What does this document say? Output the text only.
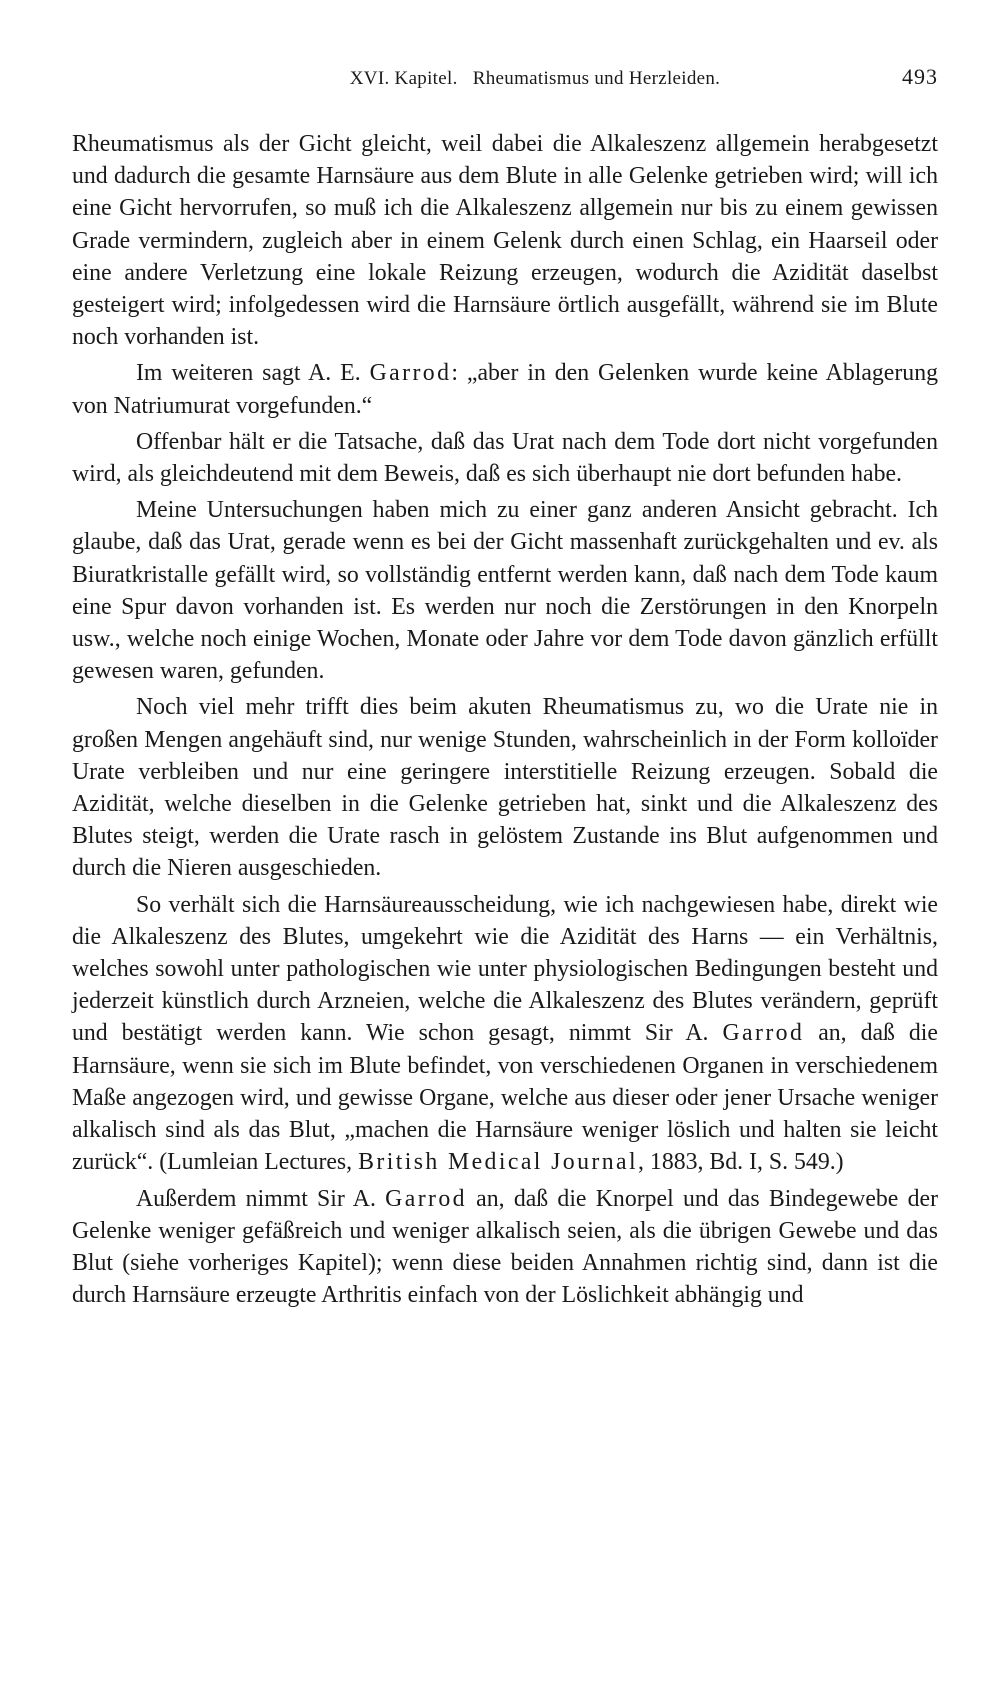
XVI. Kapitel. Rheumatismus und Herzleiden.	493

Rheumatismus als der Gicht gleicht, weil dabei die Alkaleszenz allgemein herabgesetzt und dadurch die gesamte Harnsäure aus dem Blute in alle Gelenke getrieben wird; will ich eine Gicht hervorrufen, so muß ich die Alkaleszenz allgemein nur bis zu einem gewissen Grade vermindern, zugleich aber in einem Gelenk durch einen Schlag, ein Haarseil oder eine andere Verletzung eine lokale Reizung erzeugen, wodurch die Azidität daselbst gesteigert wird; infolgedessen wird die Harnsäure örtlich ausgefällt, während sie im Blute noch vorhanden ist.

Im weiteren sagt A. E. Garrod: „aber in den Gelenken wurde keine Ablagerung von Natriumurat vorgefunden.“

Offenbar hält er die Tatsache, daß das Urat nach dem Tode dort nicht vorgefunden wird, als gleichdeutend mit dem Beweis, daß es sich überhaupt nie dort befunden habe.

Meine Untersuchungen haben mich zu einer ganz anderen Ansicht gebracht. Ich glaube, daß das Urat, gerade wenn es bei der Gicht massenhaft zurückgehalten und ev. als Biuratkristalle gefällt wird, so vollständig entfernt werden kann, daß nach dem Tode kaum eine Spur davon vorhanden ist. Es werden nur noch die Zerstörungen in den Knorpeln usw., welche noch einige Wochen, Monate oder Jahre vor dem Tode davon gänzlich erfüllt gewesen waren, gefunden.

Noch viel mehr trifft dies beim akuten Rheumatismus zu, wo die Urate nie in großen Mengen angehäuft sind, nur wenige Stunden, wahrscheinlich in der Form kolloïder Urate verbleiben und nur eine geringere interstitielle Reizung erzeugen. Sobald die Azidität, welche dieselben in die Gelenke getrieben hat, sinkt und die Alkaleszenz des Blutes steigt, werden die Urate rasch in gelöstem Zustande ins Blut aufgenommen und durch die Nieren ausgeschieden.

So verhält sich die Harnsäureausscheidung, wie ich nachgewiesen habe, direkt wie die Alkaleszenz des Blutes, umgekehrt wie die Azidität des Harns — ein Verhältnis, welches sowohl unter pathologischen wie unter physiologischen Bedingungen besteht und jederzeit künstlich durch Arzneien, welche die Alkaleszenz des Blutes verändern, geprüft und bestätigt werden kann. Wie schon gesagt, nimmt Sir A. Garrod an, daß die Harnsäure, wenn sie sich im Blute befindet, von verschiedenen Organen in verschiedenem Maße angezogen wird, und gewisse Organe, welche aus dieser oder jener Ursache weniger alkalisch sind als das Blut, „machen die Harnsäure weniger löslich und halten sie leicht zurück“. (Lumleian Lectures, British Medical Journal, 1883, Bd. I, S. 549.)

Außerdem nimmt Sir A. Garrod an, daß die Knorpel und das Bindegewebe der Gelenke weniger gefäßreich und weniger alkalisch seien, als die übrigen Gewebe und das Blut (siehe vorheriges Kapitel); wenn diese beiden Annahmen richtig sind, dann ist die durch Harnsäure erzeugte Arthritis einfach von der Löslichkeit abhängig und
